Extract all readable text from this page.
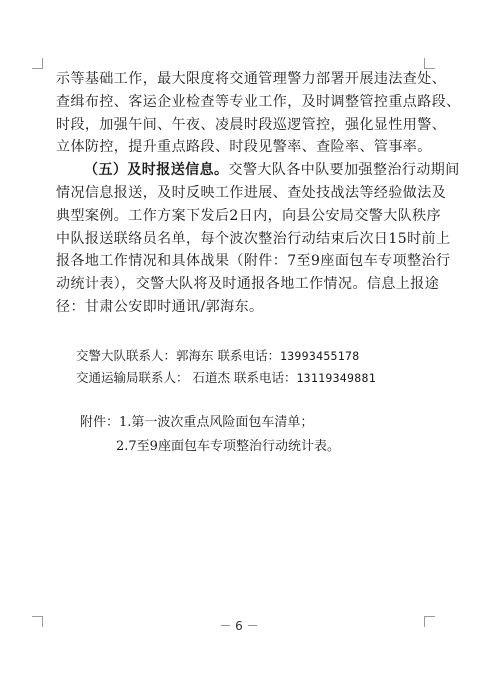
示等基础工作，最大限度将交通管理警力部署开展违法查处、
查缉布控、客运企业检查等专业工作，及时调整管控重点路段、
时段，加强午间、午夜、凌晨时段巡逻管控，强化显性用警、
立体防控，提升重点路段、时段见警率、查险率、管事率。
（五）及时报送信息。交警大队各中队要加强整治行动期间
情况信息报送，及时反映工作进展、查处技战法等经验做法及
典型案例。工作方案下发后2日内，向县公安局交警大队秩序
中队报送联络员名单，每个波次整治行动结束后次日15时前上
报各地工作情况和具体战果（附件：7至9座面包车专项整治行
动统计表），交警大队将及时通报各地工作情况。信息上报途
径：甘肃公安即时通讯/郭海东。
交警大队联系人：郭海东 联系电话：13993455178
交通运输局联系人： 石道杰 联系电话：13119349881
附件：1.第一波次重点风险面包车清单；
2.7至9座面包车专项整治行动统计表。
－ 6 －
